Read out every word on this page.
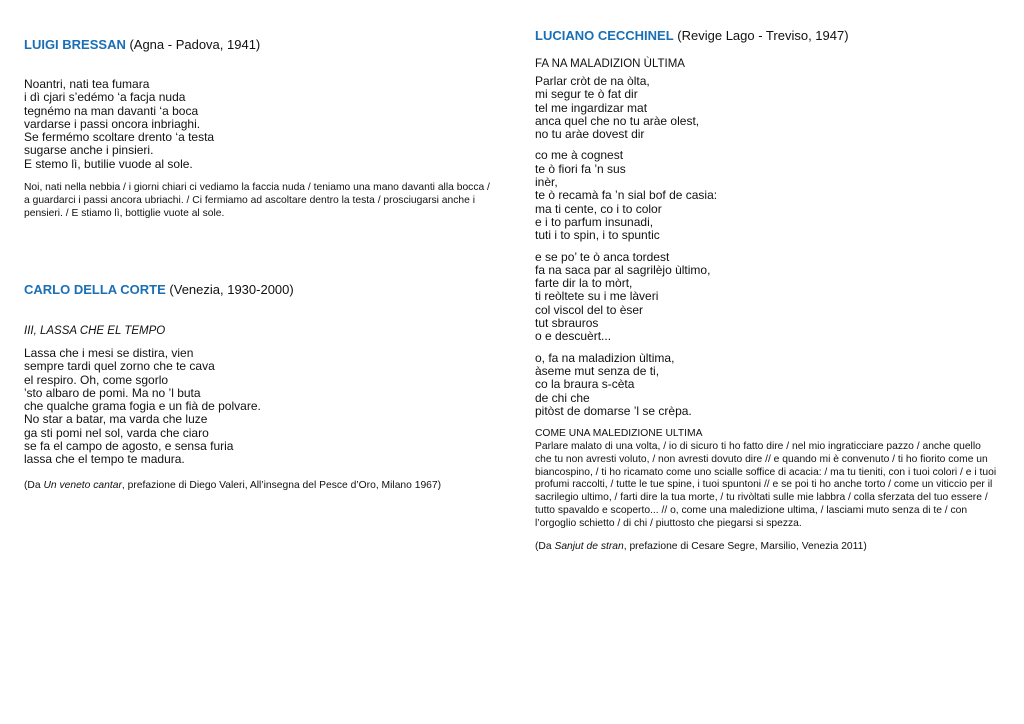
LUIGI BRESSAN (Agna - Padova, 1941)
Noantri, nati tea fumara
i dì cjari s’edémo ‘a facja nuda
tegnémo na man davanti ‘a boca
vardarse i passi oncora inbriaghi.
Se fermémo scoltare drento ‘a testa
sugarse anche i pinsieri.
E stemo lì, butilie vuode al sole.

Noi, nati nella nebbia / i giorni chiari ci vediamo la faccia nuda / teniamo una mano davanti alla bocca / a guardarci i passi ancora ubriachi. / Ci fermiamo ad ascoltare dentro la testa / prosciugarsi anche i pensieri. / E stiamo lì, bottiglie vuote al sole.

CARLO DELLA CORTE (Venezia, 1930-2000)

III, LASSA CHE EL TEMPO

Lassa che i mesi se distira, vien
sempre tardi quel zorno che te cava
el respiro. Oh, come sgorlo
’sto albaro de pomi. Ma no ’l buta
che qualche grama fogia e un fià de polvare.
No star a batar, ma varda che luze
ga sti pomi nel sol, varda che ciaro
se fa el campo de agosto, e sensa furia
lassa che el tempo te madura.

(Da Un veneto cantar, prefazione di Diego Valeri, All’insegna del Pesce d’Oro, Milano 1967)

LUCIANO CECCHINEL (Revige Lago - Treviso, 1947)

FA NA MALADIZION ÙLTIMA

Parlar cròt de na òlta,
mi segur te ò fat dir
tel me ingardizar mat
anca quel che no tu aràe olest,
no tu aràe dovest dir
co me à cognest
te ò fiori fa ’n sus
inèr,
te ò recamà fa ’n sial bof de casia:
ma ti cente, co i to color
e i to parfum insunadi,
tuti i to spin, i to spuntic
e se po’ te ò anca tordest
fa na saca par al sagrilèjo ùltimo,
farte dir la to mòrt,
ti reòltete su i me làveri
col viscol del to èser
tut sbrauros
o e descuèrt...
o, fa na maladizion ùltima,
àseme mut senza de ti,
co la braura s-cèta
de chi che
pitòst de domarse ’l se crèpa.

COME UNA MALEDIZIONE ULTIMA

Parlare malato di una volta, / io di sicuro ti ho fatto dire / nel mio ingraticciare pazzo / anche quello che tu non avresti voluto, / non avresti dovuto dire // e quando mi è convenuto / ti ho fiorito come un biancospino, / ti ho ricamato come uno scialle soffice di acacia: / ma tu tieniti, con i tuoi colori / e i tuoi profumi raccolti, / tutte le tue spine, i tuoi spuntoni // e se poi ti ho anche torto / come un viticcio per il sacrilegio ultimo, / farti dire la tua morte, / tu rivòltati sulle mie labbra / colla sferzata del tuo essere / tutto spavaldo e scoperto... // o, come una maledizione ultima, / lasciami muto senza di te / con l’orgoglio schietto / di chi / piuttosto che piegarsi si spezza.

(Da Sanjut de stran, prefazione di Cesare Segre, Marsilio, Venezia 2011)
